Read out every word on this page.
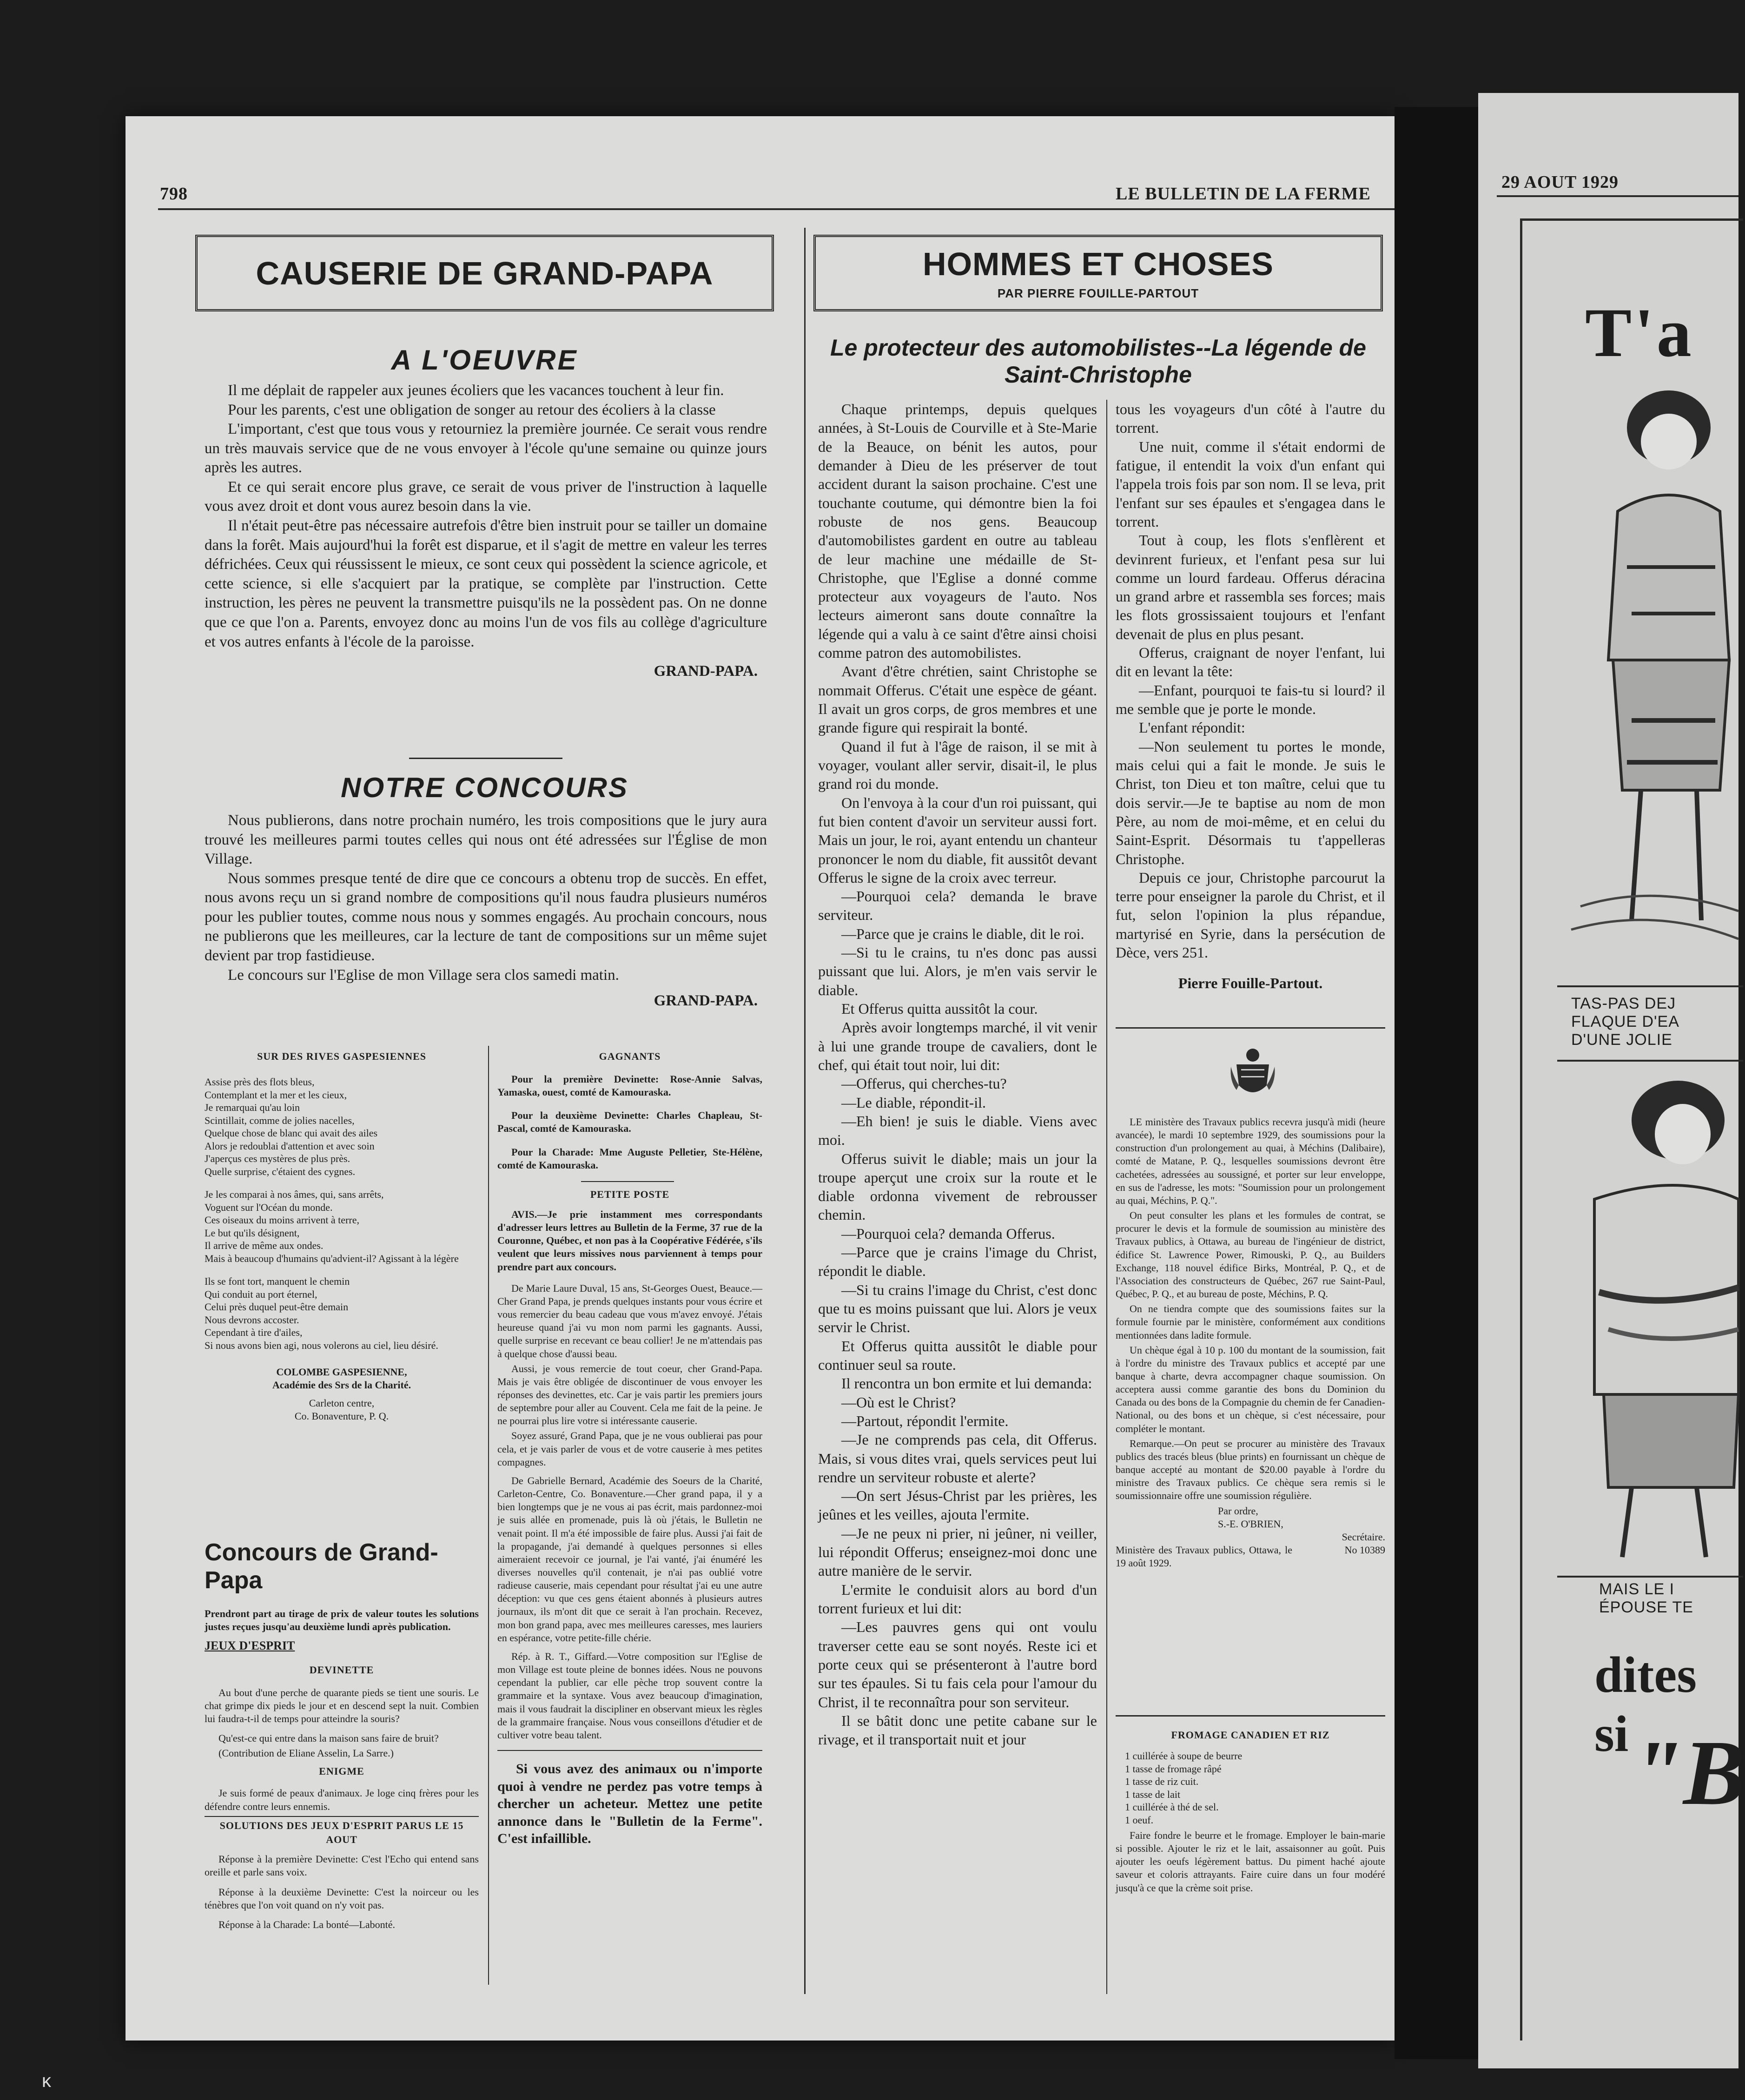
798	LE BULLETIN DE LA FERME
CAUSERIE DE GRAND-PAPA
A L'OEUVRE

Il me déplait de rappeler aux jeunes écoliers que les vacances touchent à leur fin.

Pour les parents, c'est une obligation de songer au retour des écoliers à la classe

L'important, c'est que tous vous y retourniez la première journée. Ce serait vous rendre un très mauvais service que de ne vous envoyer à l'école qu'une semaine ou quinze jours après les autres.

Et ce qui serait encore plus grave, ce serait de vous priver de l'instruction à laquelle vous avez droit et dont vous aurez besoin dans la vie.

Il n'était peut-être pas nécessaire autrefois d'être bien instruit pour se tailler un domaine dans la forêt. Mais aujourd'hui la forêt est disparue, et il s'agit de mettre en valeur les terres défrichées. Ceux qui réussissent le mieux, ce sont ceux qui possèdent la science agricole, et cette science, si elle s'acquiert par la pratique, se complète par l'instruction. Cette instruction, les pères ne peuvent la transmettre puisqu'ils ne la possèdent pas. On ne donne que ce que l'on a. Parents, envoyez donc au moins l'un de vos fils au collège d'agriculture et vos autres enfants à l'école de la paroisse.

GRAND-PAPA.
NOTRE CONCOURS

Nous publierons, dans notre prochain numéro, les trois compositions que le jury aura trouvé les meilleures parmi toutes celles qui nous ont été adressées sur l'Église de mon Village.

Nous sommes presque tenté de dire que ce concours a obtenu trop de succès. En effet, nous avons reçu un si grand nombre de compositions qu'il nous faudra plusieurs numéros pour les publier toutes, comme nous nous y sommes engagés. Au prochain concours, nous ne publierons que les meilleures, car la lecture de tant de compositions sur un même sujet devient par trop fastidieuse.

Le concours sur l'Eglise de mon Village sera clos samedi matin.

GRAND-PAPA.
SUR DES RIVES GASPESIENNES
Assise près des flots bleus,
Contemplant et la mer et les cieux,
Je remarquai qu'au loin
Scintillait, comme de jolies nacelles,
Quelque chose de blanc qui avait des ailes
Alors je redoublai d'attention et avec soin
J'aperçus ces mystères de plus près.
Quelle surprise, c'étaient des cygnes.
Je les comparai à nos âmes, qui, sans arrêts,
Voguent sur l'Océan du monde.
Ces oiseaux du moins arrivent à terre,
Le but qu'ils désignent,
Il arrive de même aux ondes.
Mais à beaucoup d'humains qu'advient-il? Agissant à la légère
Ils se font tort, manquent le chemin
Qui conduit au port éternel,
Celui près duquel peut-être demain
Nous devrons accoster.
Cependant à tire d'ailes,
Si nous avons bien agi, nous volerons au ciel, lieu désiré.
COLOMBE GASPESIENNE,
Académie des Srs de la Charité.
Carleton centre,
Co. Bonaventure, P. Q.
Concours de Grand-Papa
Prendront part au tirage de prix de valeur toutes les solutions justes reçues jusqu'au deuxième lundi après publication.
JEUX D'ESPRIT
DEVINETTE

Au bout d'une perche de quarante pieds se tient une souris. Le chat grimpe dix pieds le jour et en descend sept la nuit. Combien lui faudra-t-il de temps pour atteindre la souris?

Qu'est-ce qui entre dans la maison sans faire de bruit?

(Contribution de Eliane Asselin, La Sarre.)

ENIGME

Je suis formé de peaux d'animaux. Je loge cinq frères pour les défendre contre leurs ennemis.

SOLUTIONS DES JEUX D'ESPRIT PARUS LE 15 AOUT

Réponse à la première Devinette: C'est l'Echo qui entend sans oreille et parle sans voix.

Réponse à la deuxième Devinette: C'est la noirceur ou les ténèbres que l'on voit quand on n'y voit pas.

Réponse à la Charade: La bonté—Labonté.

GAGNANTS

Pour la première Devinette: Rose-Annie Salvas, Yamaska, ouest, comté de Kamouraska.

Pour la deuxième Devinette: Charles Chapleau, St-Pascal, comté de Kamouraska.

Pour la Charade: Mme Auguste Pelletier, Ste-Hélène, comté de Kamouraska.

PETITE POSTE

AVIS.—Je prie instamment mes correspondants d'adresser leurs lettres au Bulletin de la Ferme, 37 rue de la Couronne, Québec, et non pas à la Coopérative Fédérée, s'ils veulent que leurs missives nous parviennent à temps pour prendre part aux concours.

De Marie Laure Duval, 15 ans, St-Georges Ouest, Beauce.—Cher Grand Papa, je prends quelques instants pour vous écrire et vous remercier du beau cadeau que vous m'avez envoyé. J'étais heureuse quand j'ai vu mon nom parmi les gagnants. Aussi, quelle surprise en recevant ce beau collier! Je ne m'attendais pas à quelque chose d'aussi beau.

Aussi, je vous remercie de tout coeur, cher Grand-Papa. Mais je vais être obligée de discontinuer de vous envoyer les réponses des devinettes, etc. Car je vais partir les premiers jours de septembre pour aller au Couvent. Cela me fait de la peine. Je ne pourrai plus lire votre si intéressante causerie.

Soyez assuré, Grand Papa, que je ne vous oublierai pas pour cela, et je vais parler de vous et de votre causerie à mes petites compagnes.

De Gabrielle Bernard, Académie des Soeurs de la Charité, Carleton-Centre, Co. Bonaventure.—Cher grand papa, il y a bien longtemps que je ne vous ai pas écrit, mais pardonnez-moi je suis allée en promenade, puis là où j'étais, le Bulletin ne venait point. Il m'a été impossible de faire plus. Aussi j'ai fait de la propagande, j'ai demandé à quelques personnes si elles aimeraient recevoir ce journal, je l'ai vanté, j'ai énuméré les diverses nouvelles qu'il contenait, je n'ai pas oublié votre radieuse causerie, mais cependant pour résultat j'ai eu une autre déception: vu que ces gens étaient abonnés à plusieurs autres journaux, ils m'ont dit que ce serait à l'an prochain. Recevez, mon bon grand papa, avec mes meilleures caresses, mes lauriers en espérance, votre petite-fille chérie.

Rép. à R. T., Giffard.—Votre composition sur l'Eglise de mon Village est toute pleine de bonnes idées. Nous ne pouvons cependant la publier, car elle pèche trop souvent contre la grammaire et la syntaxe. Vous avez beaucoup d'imagination, mais il vous faudrait la discipliner en observant mieux les règles de la grammaire française. Nous vous conseillons d'étudier et de cultiver votre beau talent.

Si vous avez des animaux ou n'importe quoi à vendre ne perdez pas votre temps à chercher un acheteur. Mettez une petite annonce dans le "Bulletin de la Ferme". C'est infaillible.
HOMMES ET CHOSES
PAR PIERRE FOUILLE-PARTOUT
Le protecteur des automobilistes--La légende de Saint-Christophe

Chaque printemps, depuis quelques années, à St-Louis de Courville et à Ste-Marie de la Beauce, on bénit les autos, pour demander à Dieu de les préserver de tout accident durant la saison prochaine. C'est une touchante coutume, qui démontre bien la foi robuste de nos gens. Beaucoup d'automobilistes gardent en outre au tableau de leur machine une médaille de St-Christophe, que l'Eglise a donné comme protecteur aux voyageurs de l'auto. Nos lecteurs aimeront sans doute connaître la légende qui a valu à ce saint d'être ainsi choisi comme patron des automobilistes.

Avant d'être chrétien, saint Christophe se nommait Offerus. C'était une espèce de géant. Il avait un gros corps, de gros membres et une grande figure qui respirait la bonté.

Quand il fut à l'âge de raison, il se mit à voyager, voulant aller servir, disait-il, le plus grand roi du monde.

On l'envoya à la cour d'un roi puissant, qui fut bien content d'avoir un serviteur aussi fort. Mais un jour, le roi, ayant entendu un chanteur prononcer le nom du diable, fit aussitôt devant Offerus le signe de la croix avec terreur.

—Pourquoi cela? demanda le brave serviteur.

—Parce que je crains le diable, dit le roi.

—Si tu le crains, tu n'es donc pas aussi puissant que lui. Alors, je m'en vais servir le diable.

Et Offerus quitta aussitôt la cour.

Après avoir longtemps marché, il vit venir à lui une grande troupe de cavaliers, dont le chef, qui était tout noir, lui dit:

—Offerus, qui cherches-tu?

—Le diable, répondit-il.

—Eh bien! je suis le diable. Viens avec moi.

Offerus suivit le diable; mais un jour la troupe aperçut une croix sur la route et le diable ordonna vivement de rebrousser chemin.

—Pourquoi cela? demanda Offerus.

—Parce que je crains l'image du Christ, répondit le diable.

—Si tu crains l'image du Christ, c'est donc que tu es moins puissant que lui. Alors je veux servir le Christ.

Et Offerus quitta aussitôt le diable pour continuer seul sa route.

Il rencontra un bon ermite et lui demanda:

—Où est le Christ?

—Partout, répondit l'ermite.

—Je ne comprends pas cela, dit Offerus. Mais, si vous dites vrai, quels services peut lui rendre un serviteur robuste et alerte?

—On sert Jésus-Christ par les prières, les jeûnes et les veilles, ajouta l'ermite.

—Je ne peux ni prier, ni jeûner, ni veiller, lui répondit Offerus; enseignez-moi donc une autre manière de le servir.

L'ermite le conduisit alors au bord d'un torrent furieux et lui dit:

—Les pauvres gens qui ont voulu traverser cette eau se sont noyés. Reste ici et porte ceux qui se présenteront à l'autre bord sur tes épaules. Si tu fais cela pour l'amour du Christ, il te reconnaîtra pour son serviteur.

Il se bâtit donc une petite cabane sur le rivage, et il transportait nuit et jour

tous les voyageurs d'un côté à l'autre du torrent.

Une nuit, comme il s'était endormi de fatigue, il entendit la voix d'un enfant qui l'appela trois fois par son nom. Il se leva, prit l'enfant sur ses épaules et s'engagea dans le torrent.

Tout à coup, les flots s'enflèrent et devinrent furieux, et l'enfant pesa sur lui comme un lourd fardeau. Offerus déracina un grand arbre et rassembla ses forces; mais les flots grossissaient toujours et l'enfant devenait de plus en plus pesant.

Offerus, craignant de noyer l'enfant, lui dit en levant la tête:

—Enfant, pourquoi te fais-tu si lourd? il me semble que je porte le monde.

L'enfant répondit:

—Non seulement tu portes le monde, mais celui qui a fait le monde. Je suis le Christ, ton Dieu et ton maître, celui que tu dois servir.—Je te baptise au nom de mon Père, au nom de moi-même, et en celui du Saint-Esprit. Désormais tu t'appelleras Christophe.

Depuis ce jour, Christophe parcourut la terre pour enseigner la parole du Christ, et il fut, selon l'opinion la plus répandue, martyrisé en Syrie, dans la persécution de Dèce, vers 251.

Pierre Fouille-Partout.

LE ministère des Travaux publics recevra jusqu'à midi (heure avancée), le mardi 10 septembre 1929, des soumissions pour la construction d'un prolongement au quai, à Méchins (Dalibaire), comté de Matane, P. Q., lesquelles soumissions devront être cachetées, adressées au soussigné, et porter sur leur enveloppe, en sus de l'adresse, les mots: "Soumission pour un prolongement au quai, Méchins, P. Q.".

On peut consulter les plans et les formules de contrat, se procurer le devis et la formule de soumission au ministère des Travaux publics, à Ottawa, au bureau de l'ingénieur de district, édifice St. Lawrence Power, Rimouski, P. Q., au Builders Exchange, 118 nouvel édifice Birks, Montréal, P. Q., et de l'Association des constructeurs de Québec, 267 rue Saint-Paul, Québec, P. Q., et au bureau de poste, Méchins, P. Q.

On ne tiendra compte que des soumissions faites sur la formule fournie par le ministère, conformément aux conditions mentionnées dans ladite formule.

Un chèque égal à 10 p. 100 du montant de la soumission, fait à l'ordre du ministre des Travaux publics et accepté par une banque à charte, devra accompagner chaque soumission. On acceptera aussi comme garantie des bons du Dominion du Canada ou des bons de la Compagnie du chemin de fer Canadien-National, ou des bons et un chèque, si c'est nécessaire, pour compléter le montant.

Remarque.—On peut se procurer au ministère des Travaux publics des tracés bleus (blue prints) en fournissant un chèque de banque accepté au montant de $20.00 payable à l'ordre du ministre des Travaux publics. Ce chèque sera remis si le soumissionnaire offre une soumission régulière.

Par ordre,
S.-E. O'BRIEN,
Secrétaire.
Ministère des Travaux publics, Ottawa, le 19 août 1929.
No 10389
FROMAGE CANADIEN ET RIZ
1 cuillérée à soupe de beurre
1 tasse de fromage râpé
1 tasse de riz cuit.
1 tasse de lait
1 cuillérée à thé de sel.
1 oeuf.

Faire fondre le beurre et le fromage. Employer le bain-marie si possible. Ajouter le riz et le lait, assaisonner au goût. Puis ajouter les oeufs légèrement battus. Du piment haché ajoute saveur et coloris attrayants. Faire cuire dans un four modéré jusqu'à ce que la crème soit prise.

29 AOUT 1929
T'a
TAS-PAS DEJ
FLAQUE D'EA
D'UNE JOLIE
MAIS LE I
ÉPOUSE TE
dites si "B
ĸ
